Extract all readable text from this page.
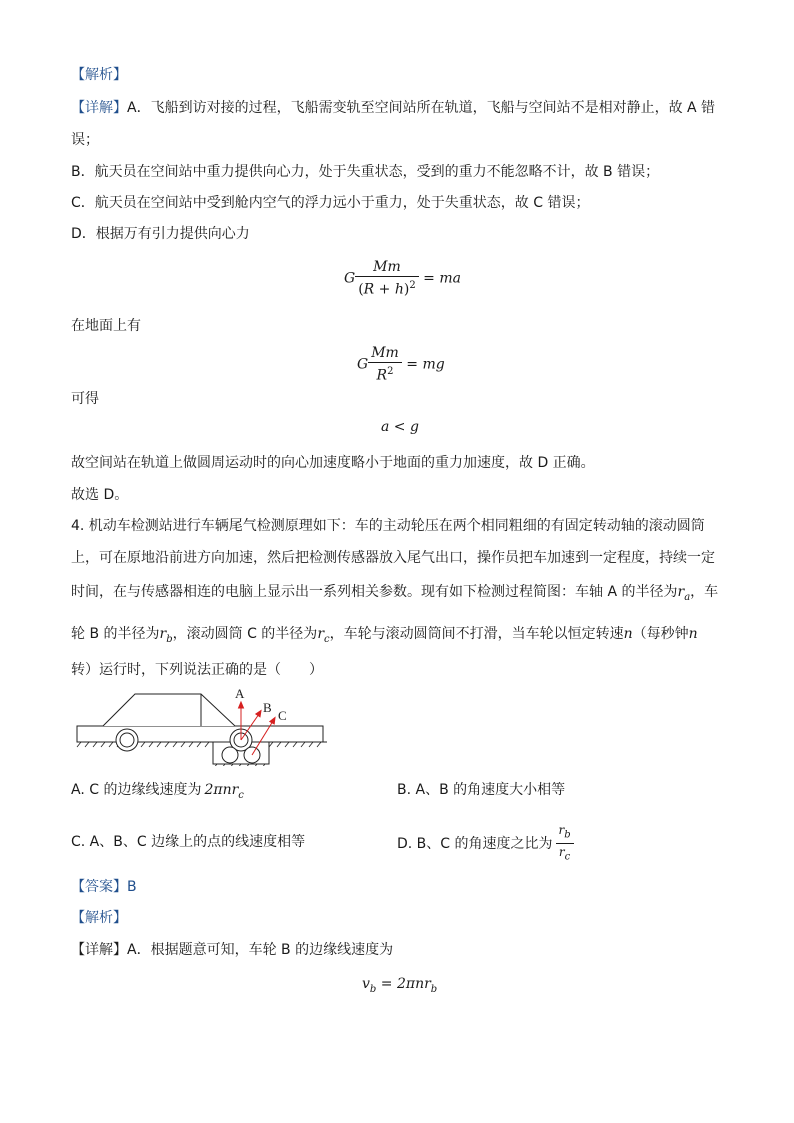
【解析】
【详解】A．飞船到访对接的过程，飞船需变轨至空间站所在轨道，飞船与空间站不是相对静止，故 A 错
误；
B．航天员在空间站中重力提供向心力，处于失重状态，受到的重力不能忽略不计，故 B 错误；
C．航天员在空间站中受到舱内空气的浮力远小于重力，处于失重状态，故 C 错误；
D．根据万有引力提供向心力
G $\frac{Mm}{(R + h)^2}$ = ma
在地面上有
G $\frac{Mm}{R^2}$ = mg
可得
a < g
故空间站在轨道上做圆周运动时的向心加速度略小于地面的重力加速度，故 D 正确。
故选 D。
4. 机动车检测站进行车辆尾气检测原理如下：车的主动轮压在两个相同粗细的有固定转动轴的滚动圆筒
上，可在原地沿前进方向加速，然后把检测传感器放入尾气出口，操作员把车加速到一定程度，持续一定
时间，在与传感器相连的电脑上显示出一系列相关参数。现有如下检测过程简图：车轴 A 的半径为$r_a$，车
轮 B 的半径为$r_b$，滚动圆筒 C 的半径为$r_c$，车轮与滚动圆筒间不打滑，当车轮以恒定转速n（每秒钟n
转）运行时，下列说法正确的是（　　）
A
B
C
A. C 的边缘线速度为 2πnr$_c$	B. A、B 的角速度大小相等
C. A、B、C 边缘上的点的线速度相等	D. B、C 的角速度之比为 $\frac{r_b}{r_c}$
【答案】B
【解析】
【详解】A．根据题意可知，车轮 B 的边缘线速度为
$v_b = 2\pi nr_b$
